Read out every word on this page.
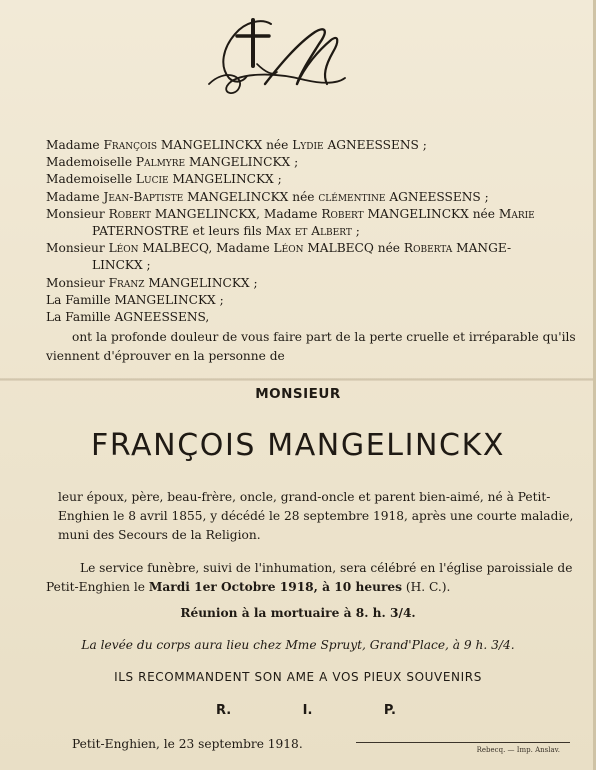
Madame François MANGELINCKX née Lydie AGNEESSENS ;
Mademoiselle Palmyre MANGELINCKX ;
Mademoiselle Lucie MANGELINCKX ;
Madame Jean-Baptiste MANGELINCKX née clémentine AGNEESSENS ;
Monsieur Robert MANGELINCKX, Madame Robert MANGELINCKX née Marie
PATERNOSTRE et leurs fils Max et Albert ;
Monsieur Léon MALBECQ, Madame Léon MALBECQ née Roberta MANGE-
LINCKX ;
Monsieur Franz MANGELINCKX ;
La Famille MANGELINCKX ;
La Famille AGNEESSENS,
ont la profonde douleur de vous faire part de la perte cruelle et irréparable qu'ils
viennent d'éprouver en la personne de
MONSIEUR
FRANÇOIS MANGELINCKX
leur époux, père, beau-frère, oncle, grand-oncle et parent bien-aimé, né à Petit-
Enghien le 8 avril 1855, y décédé le 28 septembre 1918, après une courte maladie,
muni des Secours de la Religion.
Le service funèbre, suivi de l'inhumation, sera célébré en l'église paroissiale de
Petit-Enghien le Mardi 1er Octobre 1918, à 10 heures (H. C.).
Réunion à la mortuaire à 8. h. 3/4.
La levée du corps aura lieu chez Mme Spruyt, Grand'Place, à 9 h. 3/4.
ILS RECOMMANDENT SON AME A VOS PIEUX SOUVENIRS
R.	I.	P.
Petit-Enghien, le 23 septembre 1918.	Rebecq. — Imp. Anslav.
